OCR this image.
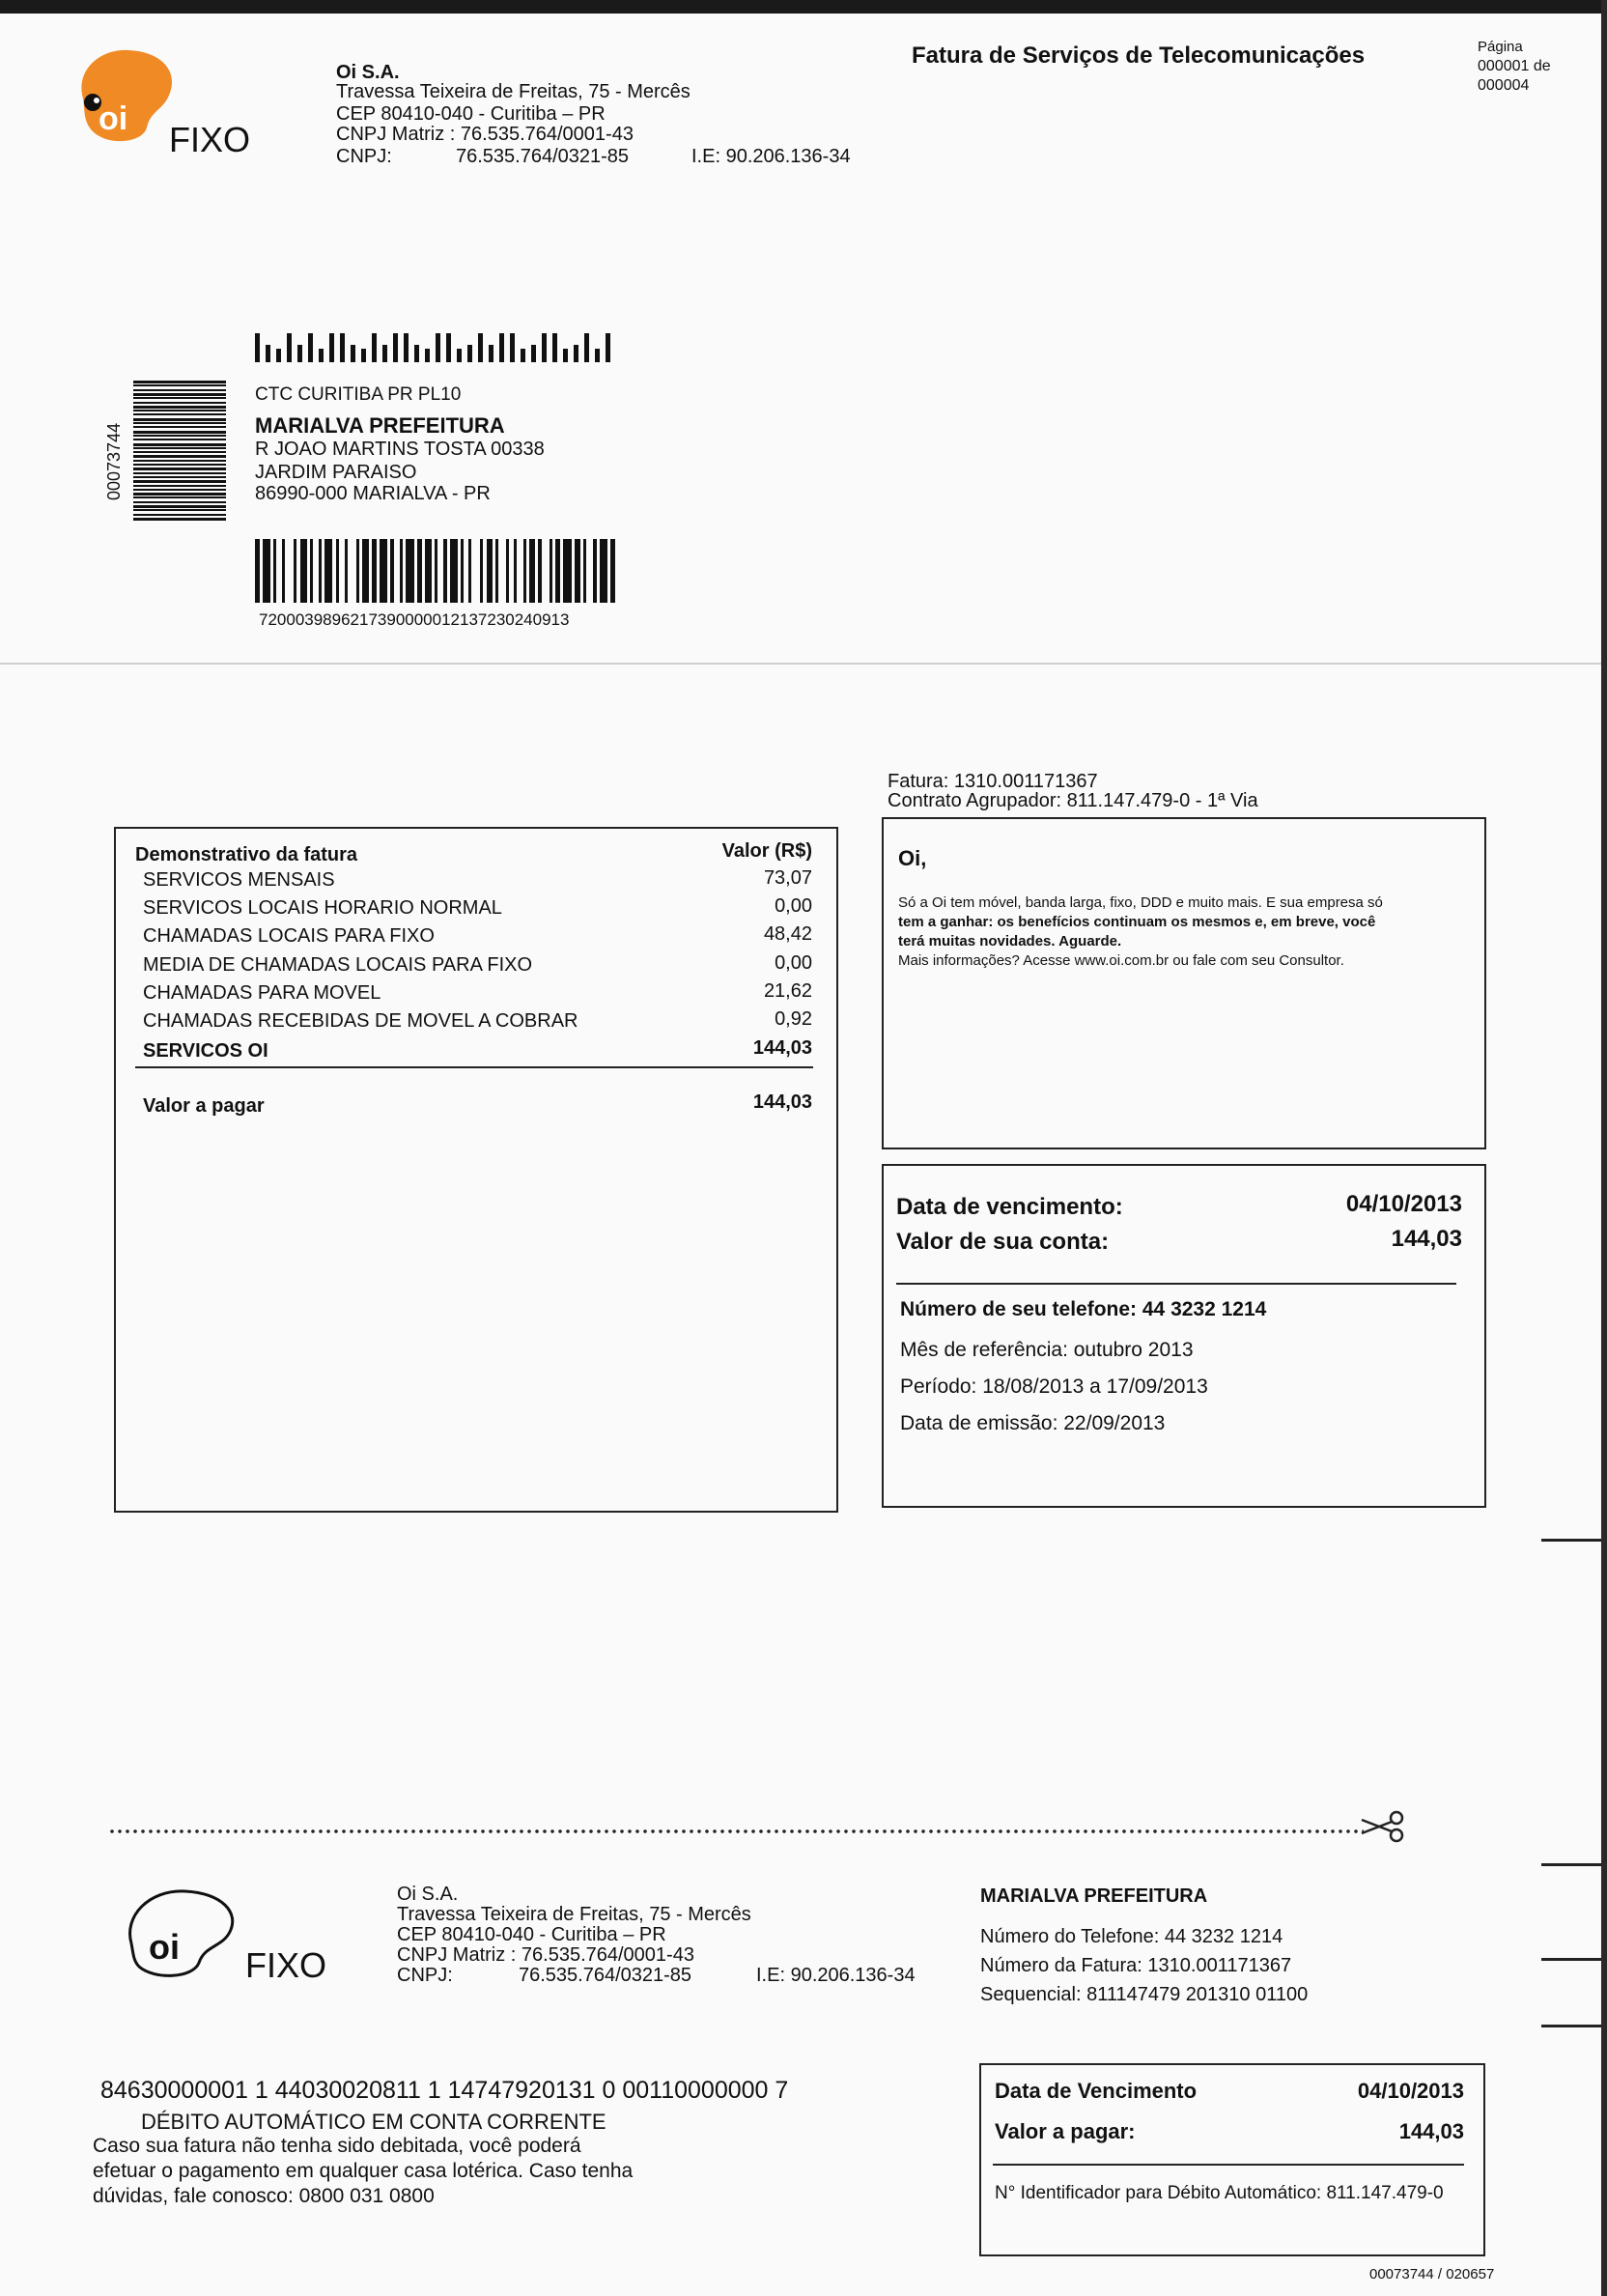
oi
FIXO
Oi S.A.
Travessa Teixeira de Freitas, 75 - Mercês
CEP 80410-040 - Curitiba – PR
CNPJ Matriz : 76.535.764/0001-43
CNPJ:	76.535.764/0321-85	I.E: 90.206.136-34
Fatura de Serviços de Telecomunicações	Página
000001 de
000004
00073744
CTC CURITIBA PR PL10
MARIALVA PREFEITURA
R JOAO MARTINS TOSTA 00338
JARDIM PARAISO
86990-000 MARIALVA - PR
72000398962173900000121372302409​13
Fatura: 1310.001171367
Contrato Agrupador: 811.147.479-0 - 1ª Via
Demonstrativo da fatura	Valor (R$)
SERVICOS MENSAIS	73,07
SERVICOS LOCAIS HORARIO NORMAL	0,00
CHAMADAS LOCAIS PARA FIXO	48,42
MEDIA DE CHAMADAS LOCAIS PARA FIXO	0,00
CHAMADAS PARA MOVEL	21,62
CHAMADAS RECEBIDAS DE MOVEL A COBRAR	0,92
SERVICOS OI	144,03
Valor a pagar	144,03
Oi,
Só a Oi tem móvel, banda larga, fixo, DDD e muito mais. E sua empresa só
tem a ganhar: os benefícios continuam os mesmos e, em breve, você
terá muitas novidades. Aguarde.
Mais informações? Acesse www.oi.com.br ou fale com seu Consultor.
Data de vencimento:	04/10/2013
Valor de sua conta:	144,03
Número de seu telefone: 44 3232 1214
Mês de referência: outubro 2013
Período: 18/08/2013 a 17/09/2013
Data de emissão: 22/09/2013
oi FIXO
Oi S.A.
Travessa Teixeira de Freitas, 75 - Mercês
CEP 80410-040 - Curitiba – PR
CNPJ Matriz : 76.535.764/0001-43
CNPJ:	76.535.764/0321-85	I.E: 90.206.136-34
MARIALVA PREFEITURA
Número do Telefone: 44 3232 1214
Número da Fatura: 1310.001171367
Sequencial: 811147479 201310 01100
84630000001 1 44030020811 1 14747920131 0 00110000000 7
DÉBITO AUTOMÁTICO EM CONTA CORRENTE
Caso sua fatura não tenha sido debitada, você poderá
efetuar o pagamento em qualquer casa lotérica. Caso tenha
dúvidas, fale conosco: 0800 031 0800
Data de Vencimento	04/10/2013
Valor a pagar:	144,03
N° Identificador para Débito Automático: 811.147.479-0
00073744 / 020657
